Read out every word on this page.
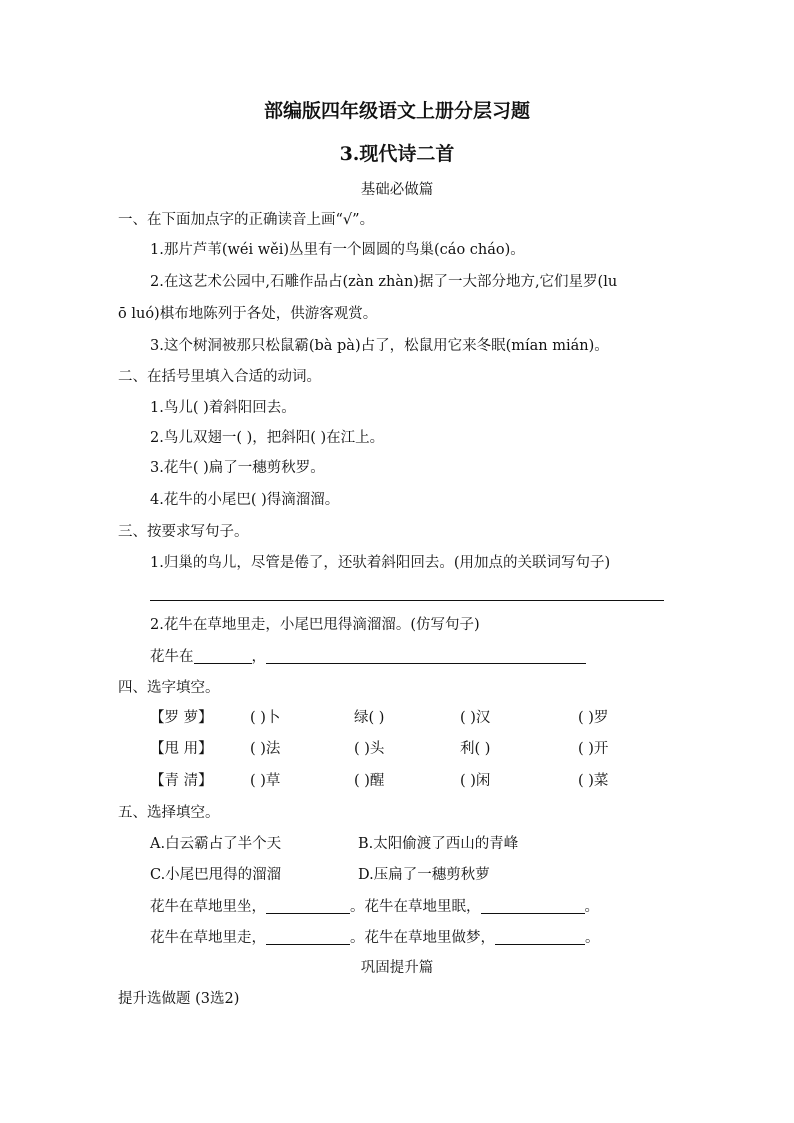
部编版四年级语文上册分层习题
3.现代诗二首
基础必做篇
一、在下面加点字的正确读音上画“√”。
1.那片芦苇(wéi wěi)丛里有一个圆圆的鸟巢(cáo cháo)。
2.在这艺术公园中,石雕作品占(zàn zhàn)据了一大部分地方,它们星罗(lu
ō luó)棋布地陈列于各处，供游客观赏。
3.这个树洞被那只松鼠霸(bà pà)占了，松鼠用它来冬眠(mían mián)。
二、在括号里填入合适的动词。
1.鸟儿( )着斜阳回去。
2.鸟儿双翅一( )，把斜阳( )在江上。
3.花牛( )扁了一穗剪秋罗。
4.花牛的小尾巴( )得滴溜溜。
三、按要求写句子。
1.归巢的鸟儿，尽管是倦了，还驮着斜阳回去。(用加点的关联词写句子)
2.花牛在草地里走，小尾巴甩得滴溜溜。(仿写句子)
花牛在	，
四、选字填空。
【罗 萝】	( )卜	绿( )	( )汉	( )罗
【甩 用】	( )法	( )头	利( )	( )开
【青 清】	( )草	( )醒	( )闲	( )菜
五、选择填空。
A.白云霸占了半个天	B.太阳偷渡了西山的青峰
C.小尾巴甩得的溜溜	D.压扁了一穗剪秋萝
花牛在草地里坐，	。花牛在草地里眠，	。
花牛在草地里走，	。花牛在草地里做梦，	。
巩固提升篇
提升选做题 (3选2)
